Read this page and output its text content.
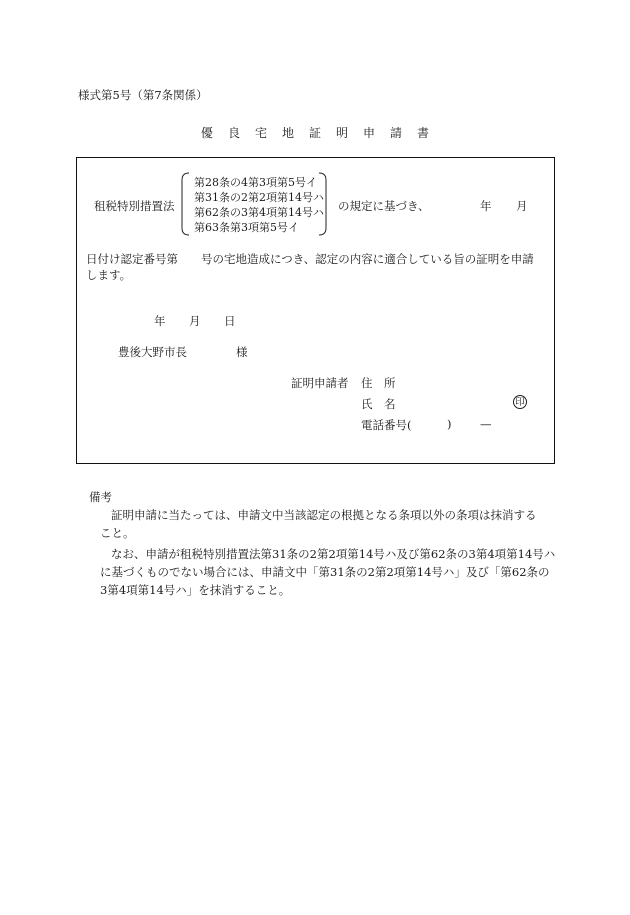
様式第5号（第7条関係）
優 良 宅 地 証 明 申 請 書
租税特別措置法
第28条の4第3項第5号イ
第31条の2第2項第14号ハ
第62条の3第4項第14号ハ
第63条第3項第5号イ
の規定に基づき、	年 月
日付け認定番号第　　号の宅地造成につき、認定の内容に適合している旨の証明を申請
します。
年 月 日
豊後大野市長	様
証明申請者 住　所
氏　名	印
電話番号(	) —
備考
証明申請に当たっては、申請文中当該認定の根拠となる条項以外の条項は抹消する
こと。
なお、申請が租税特別措置法第31条の2第2項第14号ハ及び第62条の3第4項第14号ハ
に基づくものでない場合には、申請文中「第31条の2第2項第14号ハ」及び「第62条の
3第4項第14号ハ」を抹消すること。
